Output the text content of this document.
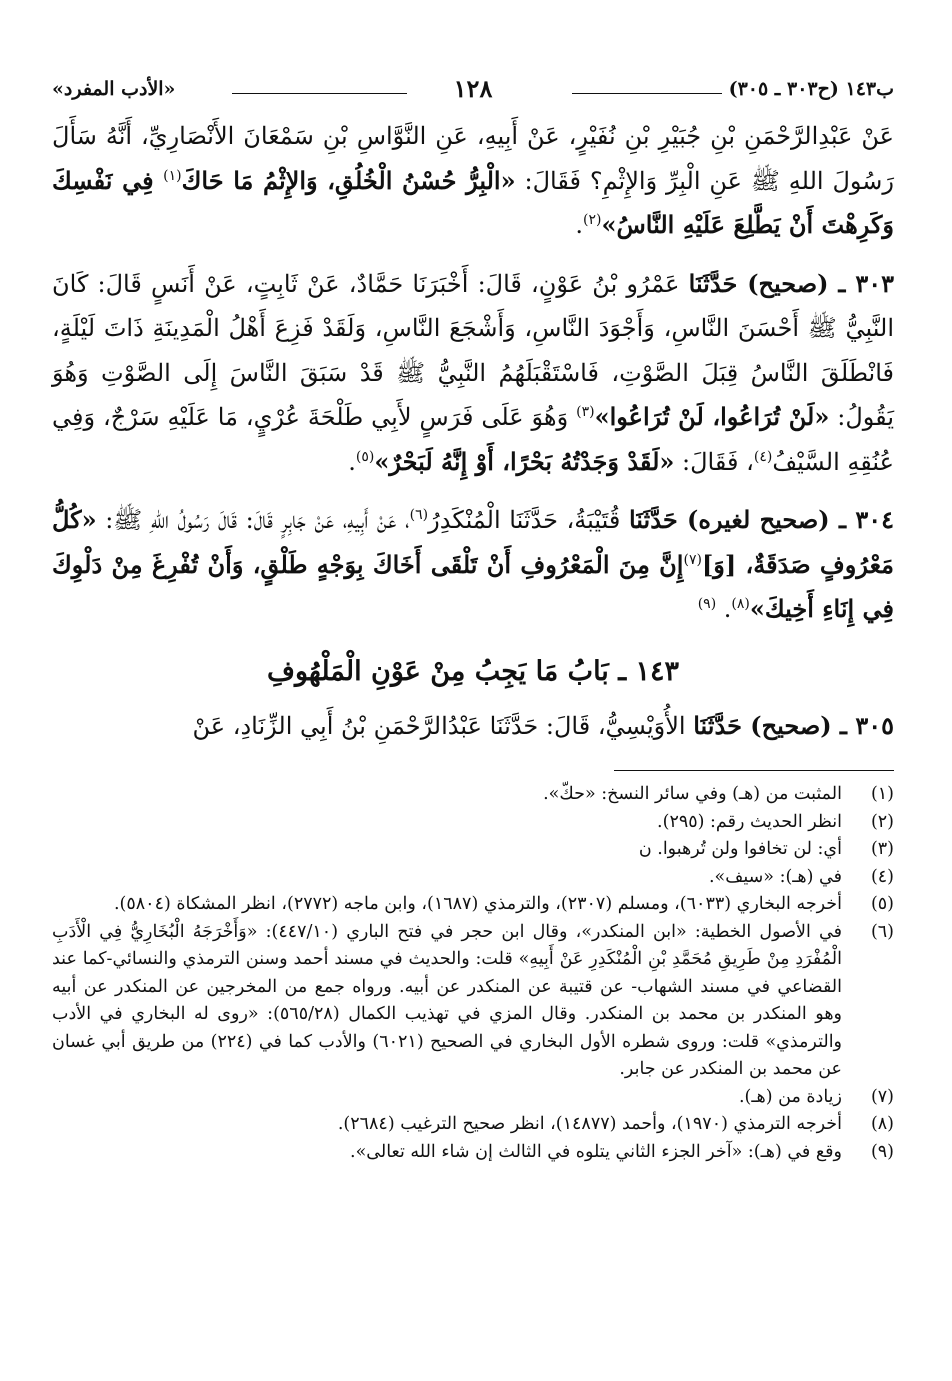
ب١٤٣ (ح٣٠٣ ـ ٣٠٥)
١٢٨
«الأدب المفرد»

عَنْ عَبْدِالرَّحْمَنِ بْنِ جُبَيْرِ بْنِ نُفَيْرٍ، عَنْ أَبِيهِ، عَنِ النَّوَّاسِ بْنِ سَمْعَانَ الأَنْصَارِيِّ، أَنَّهُ سَأَلَ رَسُولَ اللهِ ﷺ عَنِ الْبِرِّ وَالإِثْمِ؟ فَقَالَ: «الْبِرُّ حُسْنُ الْخُلُقِ، وَالإِثْمُ مَا حَاكَ$^{(١)}$ فِي نَفْسِكَ وَكَرِهْتَ أَنْ يَطَّلِعَ عَلَيْهِ النَّاسُ»$^{(٢)}$.

٣٠٣ ـ (صحيح) حَدَّثَنَا عَمْرُو بْنُ عَوْنٍ، قَالَ: أَخْبَرَنَا حَمَّادٌ، عَنْ ثَابِتٍ، عَنْ أَنَسٍ قَالَ: كَانَ النَّبِيُّ ﷺ أَحْسَنَ النَّاسِ، وَأَجْوَدَ النَّاسِ، وَأَشْجَعَ النَّاسِ، وَلَقَدْ فَزِعَ أَهْلُ الْمَدِينَةِ ذَاتَ لَيْلَةٍ، فَانْطَلَقَ النَّاسُ قِبَلَ الصَّوْتِ، فَاسْتَقْبَلَهُمُ النَّبِيُّ ﷺ قَدْ سَبَقَ النَّاسَ إِلَى الصَّوْتِ وَهُوَ يَقُولُ: «لَنْ تُرَاعُوا، لَنْ تُرَاعُوا»$^{(٣)}$ وَهُوَ عَلَى فَرَسٍ لأَبِي طَلْحَةَ عُرْيٍ، مَا عَلَيْهِ سَرْجٌ، وَفِي عُنُقِهِ السَّيْفُ$^{(٤)}$، فَقَالَ: «لَقَدْ وَجَدْتُهُ بَحْرًا، أَوْ إِنَّهُ لَبَحْرٌ»$^{(٥)}$.

٣٠٤ ـ (صحيح لغيره) حَدَّثَنَا قُتَيْبَةُ، حَدَّثَنَا الْمُنْكَدِرُ$^{(٦)}$، عَنْ أَبِيهِ، عَنْ جَابِرٍ قَالَ: قَالَ رَسُولُ اللهِ ﷺ: «كُلُّ مَعْرُوفٍ صَدَقَةٌ، [وَ]$^{(٧)}$إِنَّ مِنَ الْمَعْرُوفِ أَنْ تَلْقَى أَخَاكَ بِوَجْهٍ طَلْقٍ، وَأَنْ تُفْرِغَ مِنْ دَلْوِكَ فِي إِنَاءِ أَخِيكَ»$^{(٨)}$. $^{(٩)}$

١٤٣ ـ بَابُ مَا يَجِبُ مِنْ عَوْنِ الْمَلْهُوفِ

٣٠٥ ـ (صحيح) حَدَّثَنَا الأُوَيْسِيُّ، قَالَ: حَدَّثَنَا عَبْدُالرَّحْمَنِ بْنُ أَبِي الزِّنَادِ، عَنْ

(١)
المثبت من (هـ) وفي سائر النسخ: «حكّ».
(٢)
انظر الحديث رقم: (٢٩٥).
(٣)
أي: لن تخافوا ولن تُرهبوا. ن
(٤)
في (هـ): «سيف».
(٥)
أخرجه البخاري (٦٠٣٣)، ومسلم (٢٣٠٧)، والترمذي (١٦٨٧)، وابن ماجه (٢٧٧٢)، انظر المشكاة (٥٨٠٤).
(٦)
في الأصول الخطية: «ابن المنكدر»، وقال ابن حجر في فتح الباري (٤٤٧/١٠): «وَأَخْرَجَهُ الْبُخَارِيُّ فِي الْأَدَبِ الْمُفْرَدِ مِنْ طَرِيقِ مُحَمَّدِ بْنِ الْمُنْكَدِرِ عَنْ أَبِيهِ» قلت: والحديث في مسند أحمد وسنن الترمذي والنسائي-كما عند القضاعي في مسند الشهاب- عن قتيبة عن المنكدر عن أبيه. ورواه جمع من المخرجين عن المنكدر عن أبيه وهو المنكدر بن محمد بن المنكدر. وقال المزي في تهذيب الكمال (٥٦٥/٢٨): «روى له البخاري في الأدب والترمذي» قلت: وروى شطره الأول البخاري في الصحيح (٦٠٢١) والأدب كما في (٢٢٤) من طريق أبي غسان عن محمد بن المنكدر عن جابر.
(٧)
زيادة من (هـ).
(٨)
أخرجه الترمذي (١٩٧٠)، وأحمد (١٤٨٧٧)، انظر صحيح الترغيب (٢٦٨٤).
(٩)
وقع في (هـ): «آخر الجزء الثاني يتلوه في الثالث إن شاء الله تعالى».
